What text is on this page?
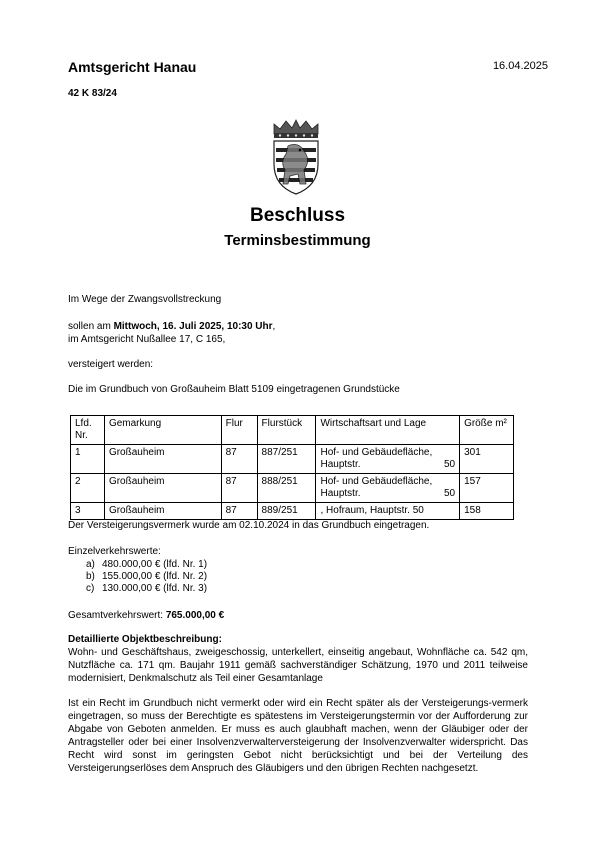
Amtsgericht Hanau	16.04.2025
42 K 83/24
Beschluss
Terminsbestimmung
Im Wege der Zwangsvollstreckung
sollen am Mittwoch, 16. Juli 2025, 10:30 Uhr,
im Amtsgericht Nußallee 17, C 165,
versteigert werden:
Die im Grundbuch von Großauheim Blatt 5109 eingetragenen Grundstücke
Lfd. Nr.	Gemarkung	Flur	Flurstück	Wirtschaftsart und Lage	Größe m²
1	Großauheim	87	887/251	Hof- und Gebäudefläche, Hauptstr. 50	301
2	Großauheim	87	888/251	Hof- und Gebäudefläche, Hauptstr. 50	157
3	Großauheim	87	889/251	, Hofraum, Hauptstr. 50	158
Der Versteigerungsvermerk wurde am 02.10.2024 in das Grundbuch eingetragen.
Einzelverkehrswerte:
a) 480.000,00 € (lfd. Nr. 1)
b) 155.000,00 € (lfd. Nr. 2)
c) 130.000,00 € (lfd. Nr. 3)
Gesamtverkehrswert: 765.000,00 €
Detaillierte Objektbeschreibung:
Wohn- und Geschäftshaus, zweigeschossig, unterkellert, einseitig angebaut, Wohnfläche ca. 542 qm, Nutzfläche ca. 171 qm. Baujahr 1911 gemäß sachverständiger Schätzung, 1970 und 2011 teilweise modernisiert, Denkmalschutz als Teil einer Gesamtanlage
Ist ein Recht im Grundbuch nicht vermerkt oder wird ein Recht später als der Versteigerungs-vermerk eingetragen, so muss der Berechtigte es spätestens im Versteigerungstermin vor der Aufforderung zur Abgabe von Geboten anmelden. Er muss es auch glaubhaft machen, wenn der Gläubiger oder der Antragsteller oder bei einer Insolvenzverwalterversteigerung der Insolvenzverwalter widerspricht. Das Recht wird sonst im geringsten Gebot nicht berücksichtigt und bei der Verteilung des Versteigerungserlöses dem Anspruch des Gläubigers und den übrigen Rechten nachgesetzt.
